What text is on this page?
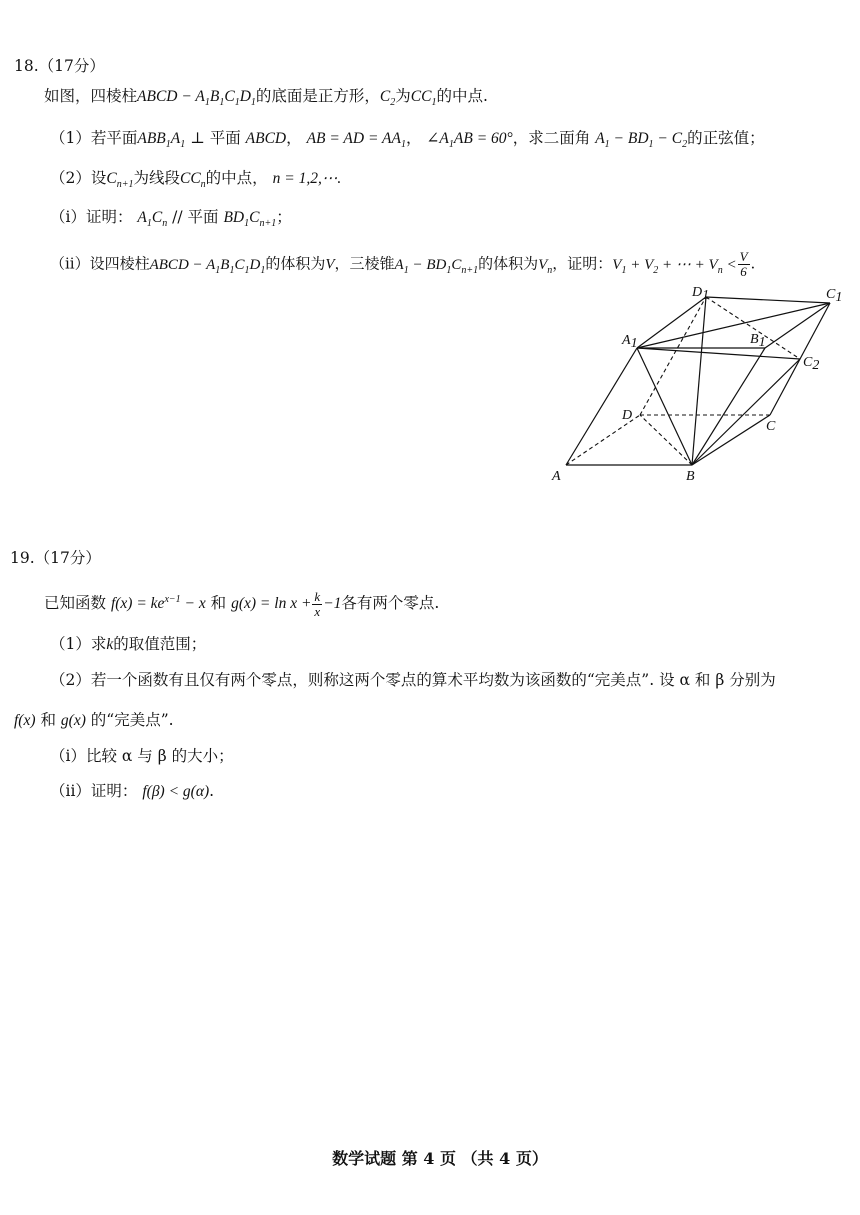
18.（17分）
如图，四棱柱ABCD − $A_1B_1C_1D_1$的底面是正方形，$C_2$为$CC_1$的中点.
（1）若平面$ABB_1A_1$ ⊥ 平面 ABCD， AB = AD = $AA_1$， $\angle A_1AB = 60^\circ$，求二面角 $A_1 - BD_1 - C_2$的正弦值；
（2）设$C_{n+1}$为线段$CC_n$的中点， n = 1,2,⋯.
（i）证明： $A_1C_n$ // 平面 $BD_1C_{n+1}$；
（ii）设四棱柱ABCD − $A_1B_1C_1D_1$的体积为V，三棱锥$A_1 - BD_1C_{n+1}$的体积为$V_n$，证明：$V_1 + V_2$ + ⋯ + $V_n < \frac{V}{6}$ .
A	B
C
D
A1	B1
C1
D1
C2
19.（17分）
已知函数 $f(x) = ke^{x-1} - x$ 和 $g(x) = \ln x + \frac{k}{x} -1$各有两个零点.
（1）求k的取值范围；
（2）若一个函数有且仅有两个零点，则称这两个零点的算术平均数为该函数的“完美点”. 设 α 和 β 分别为
f(x) 和 g(x) 的“完美点”.
（i）比较 α 与 β 的大小；
（ii）证明： f(β) < g(α).
数学试题 第 4 页 （共 4 页）
